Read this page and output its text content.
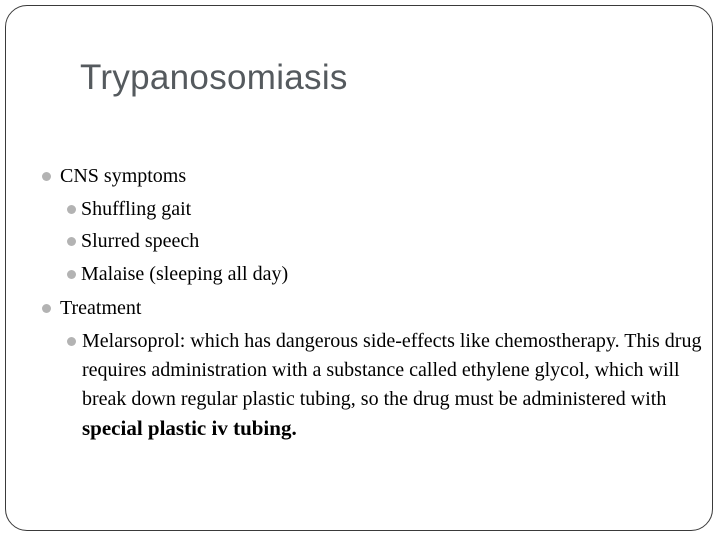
Trypanosomiasis
CNS symptoms
Shuffling gait
Slurred speech
Malaise (sleeping all day)
Treatment

Melarsoprol: which has dangerous side-effects like chemostherapy. This drug requires administration with a substance called ethylene glycol, which will break down regular plastic tubing, so the drug must be administered with special plastic iv tubing.
